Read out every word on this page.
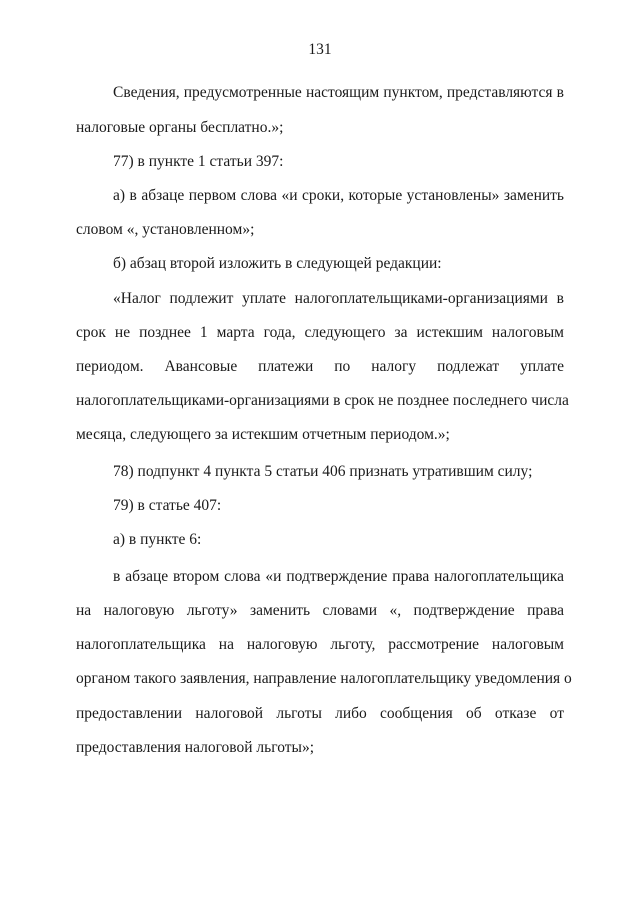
131
Сведения, предусмотренные настоящим пунктом, представляются в
налоговые органы бесплатно.»;
77) в пункте 1 статьи 397:
а) в абзаце первом слова «и сроки, которые установлены» заменить
словом «, установленном»;
б) абзац второй изложить в следующей редакции:
«Налог подлежит уплате налогоплательщиками-организациями в
срок не позднее 1 марта года, следующего за истекшим налоговым
периодом. Авансовые платежи по налогу подлежат уплате
налогоплательщиками-организациями в срок не позднее последнего числа
месяца, следующего за истекшим отчетным периодом.»;
78) подпункт 4 пункта 5 статьи 406 признать утратившим силу;
79) в статье 407:
а) в пункте 6:
в абзаце втором слова «и подтверждение права налогоплательщика
на налоговую льготу» заменить словами «, подтверждение права
налогоплательщика на налоговую льготу, рассмотрение налоговым
органом такого заявления, направление налогоплательщику уведомления о
предоставлении налоговой льготы либо сообщения об отказе от
предоставления налоговой льготы»;
